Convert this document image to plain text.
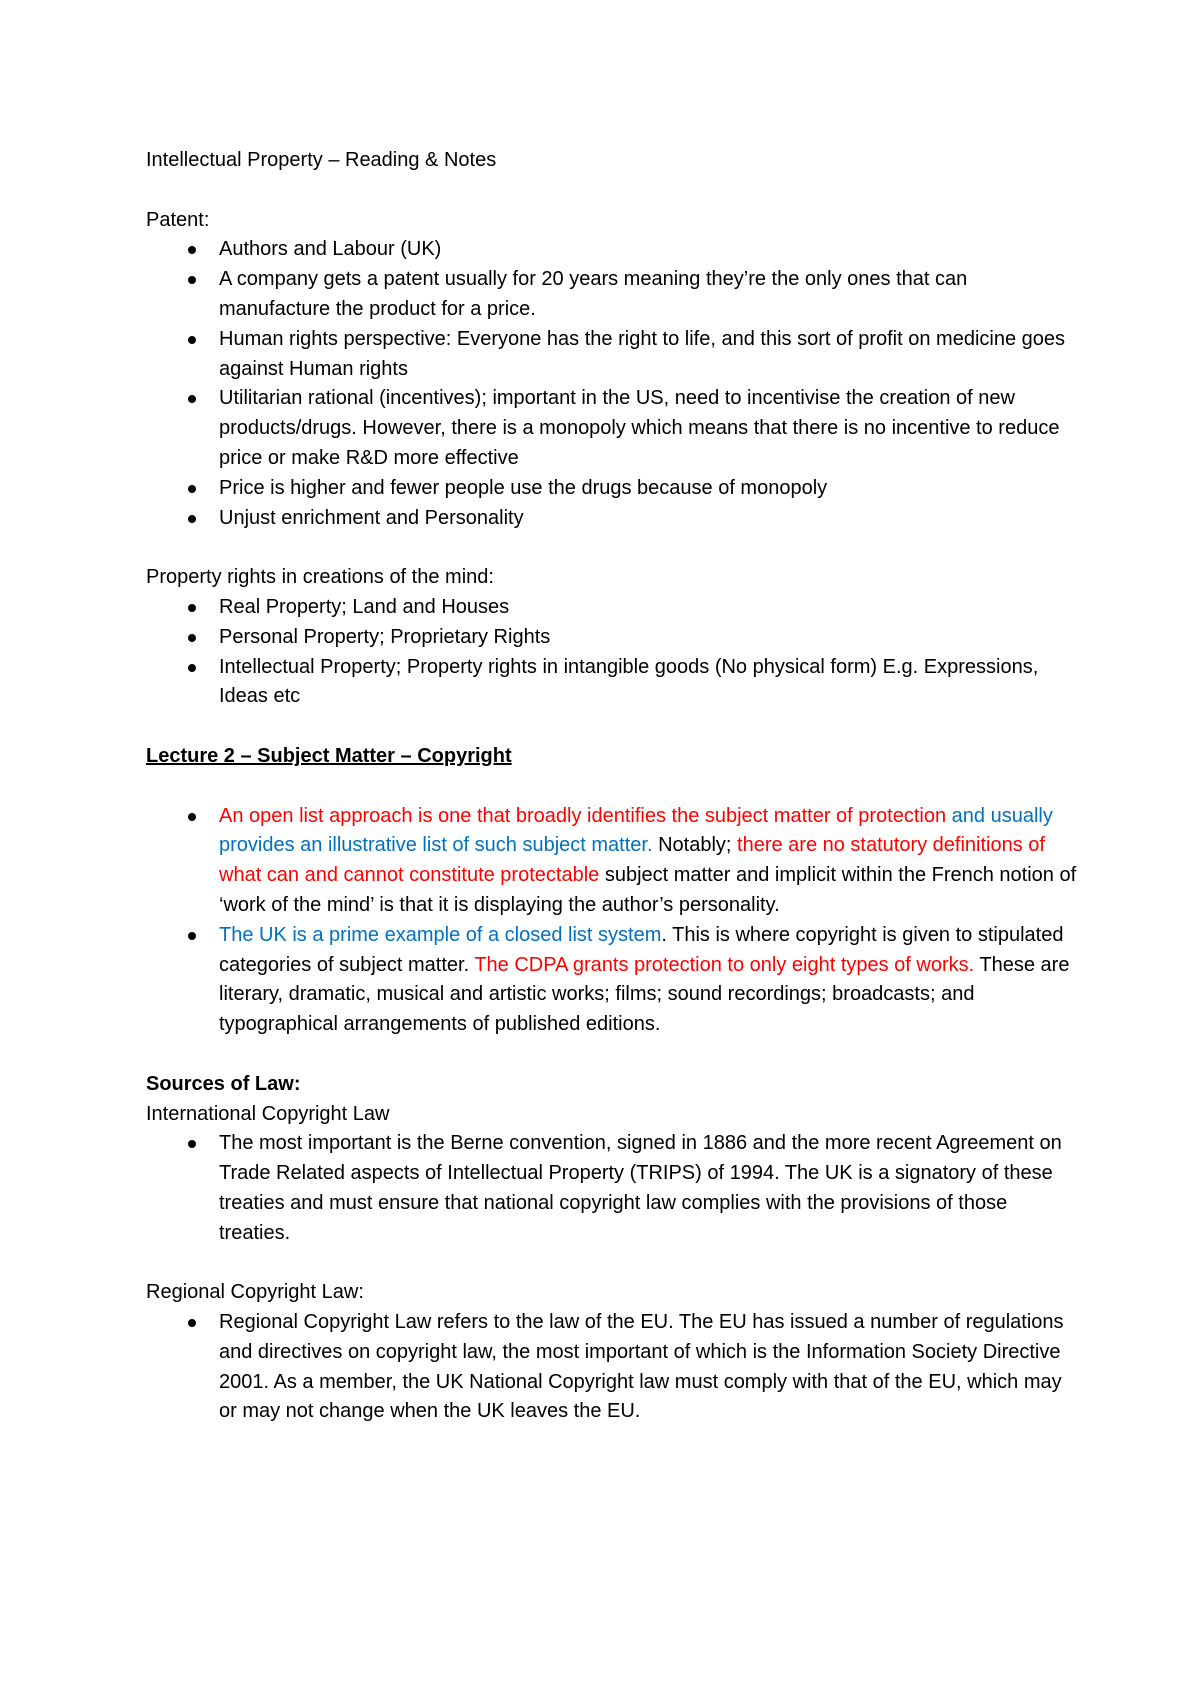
Intellectual Property – Reading & Notes
Patent:
Authors and Labour (UK)
A company gets a patent usually for 20 years meaning they’re the only ones that can manufacture the product for a price.
Human rights perspective: Everyone has the right to life, and this sort of profit on medicine goes against Human rights
Utilitarian rational (incentives); important in the US, need to incentivise the creation of new products/drugs. However, there is a monopoly which means that there is no incentive to reduce price or make R&D more effective
Price is higher and fewer people use the drugs because of monopoly
Unjust enrichment and Personality
Property rights in creations of the mind:
Real Property; Land and Houses
Personal Property; Proprietary Rights
Intellectual Property; Property rights in intangible goods (No physical form) E.g. Expressions, Ideas etc
Lecture 2 – Subject Matter – Copyright
An open list approach is one that broadly identifies the subject matter of protection and usually provides an illustrative list of such subject matter. Notably; there are no statutory definitions of what can and cannot constitute protectable subject matter and implicit within the French notion of ‘work of the mind’ is that it is displaying the author’s personality.
The UK is a prime example of a closed list system. This is where copyright is given to stipulated categories of subject matter. The CDPA grants protection to only eight types of works. These are literary, dramatic, musical and artistic works; films; sound recordings; broadcasts; and typographical arrangements of published editions.
Sources of Law:
International Copyright Law
The most important is the Berne convention, signed in 1886 and the more recent Agreement on Trade Related aspects of Intellectual Property (TRIPS) of 1994. The UK is a signatory of these treaties and must ensure that national copyright law complies with the provisions of those treaties.
Regional Copyright Law:
Regional Copyright Law refers to the law of the EU. The EU has issued a number of regulations and directives on copyright law, the most important of which is the Information Society Directive 2001. As a member, the UK National Copyright law must comply with that of the EU, which may or may not change when the UK leaves the EU.
